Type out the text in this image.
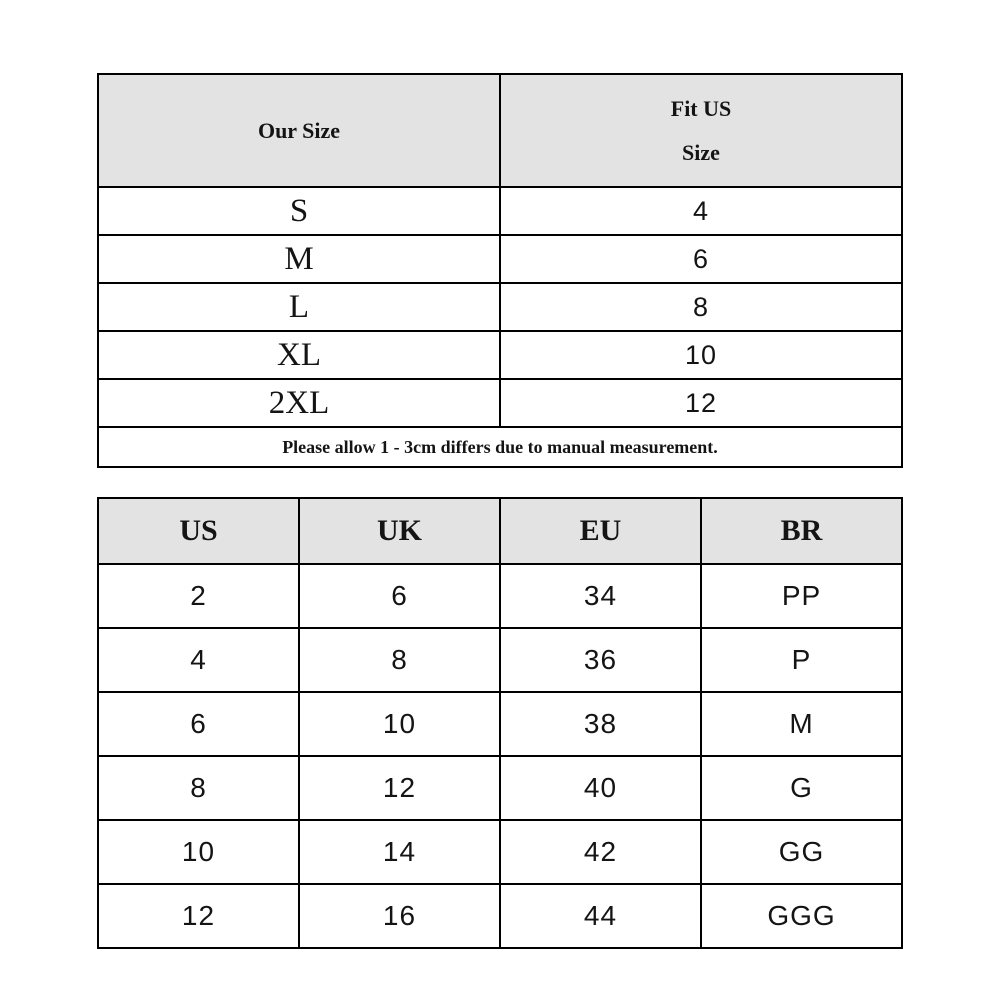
Our Size	Fit US
Size

S	4
M	6
L	8
XL	10
2XL	12
Please allow 1 - 3cm differs due to manual measurement.	
US	UK	EU	BR
2	6	34	PP
4	8	36	P
6	10	38	M
8	12	40	G
10	14	42	GG
12	16	44	GGG
